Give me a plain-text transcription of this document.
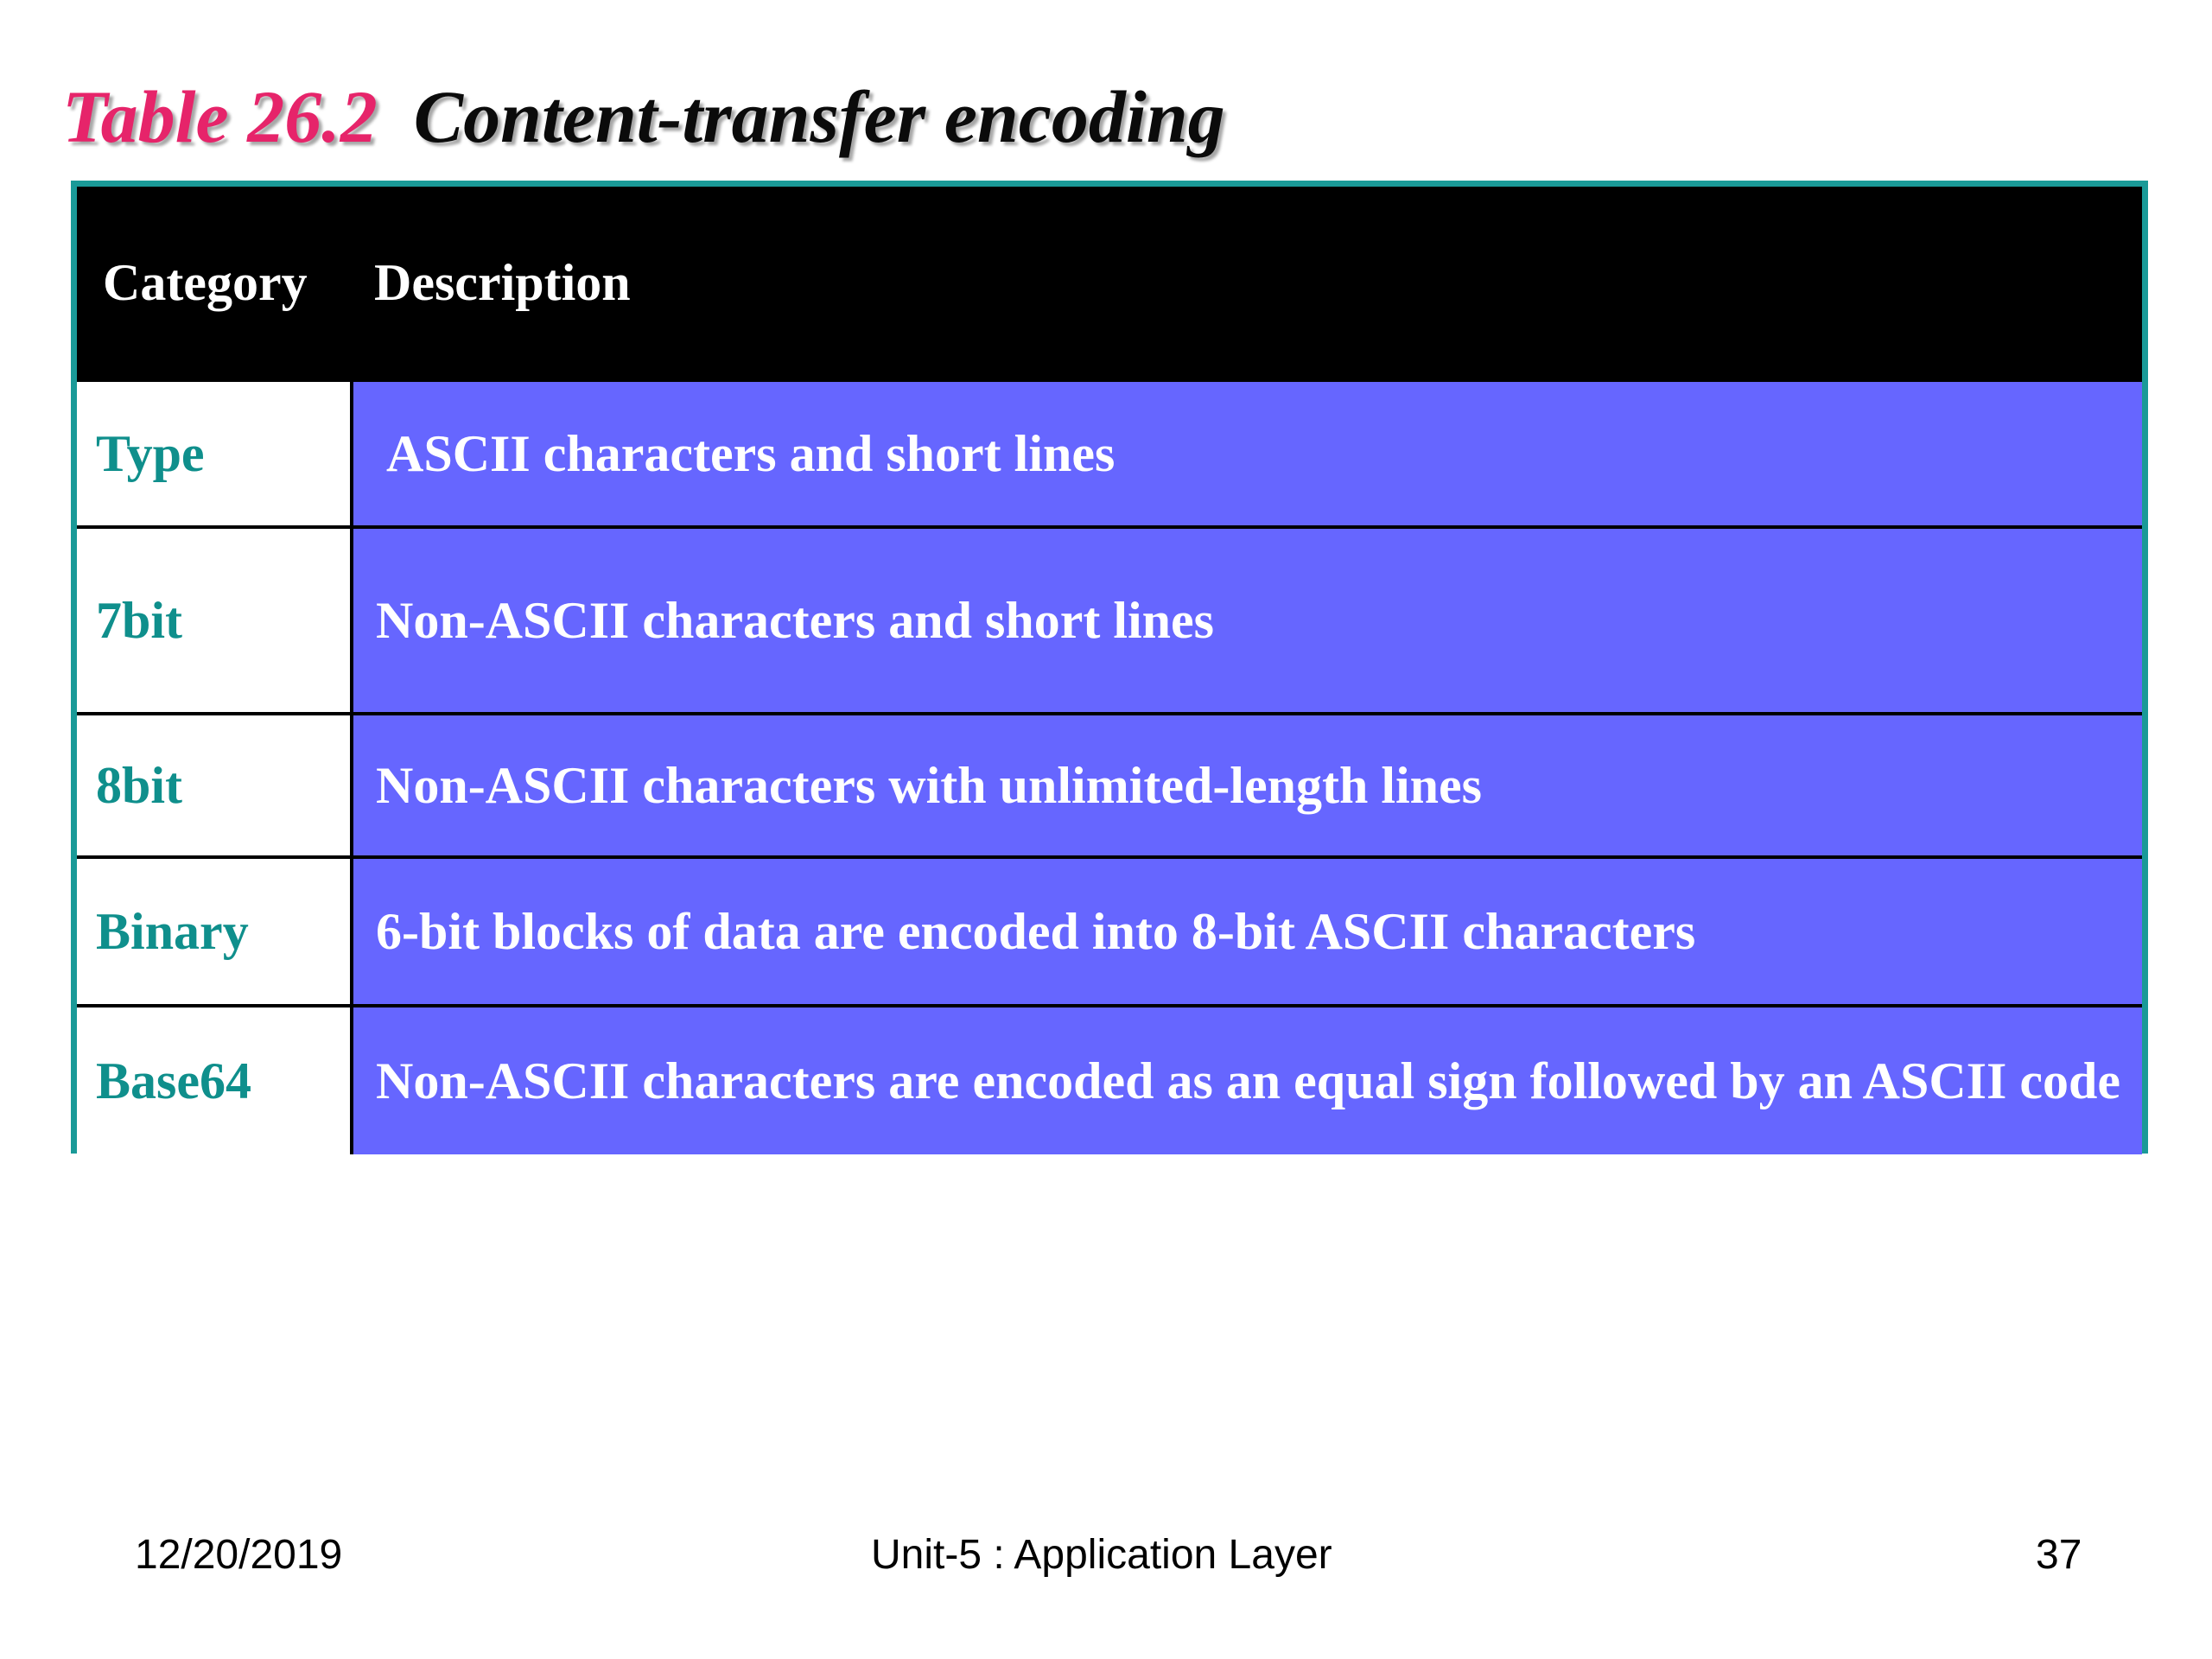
Table 26.2 Content-transfer encoding
Category	Description
Type	ASCII characters and short lines
7bit	Non-ASCII characters and short lines
8bit	Non-ASCII characters with unlimited-length lines
Binary	6-bit blocks of data are encoded into 8-bit ASCII characters
Base64	Non-ASCII characters are encoded as an equal sign followed by an ASCII code

12/20/2019	Unit-5 : Application Layer	37
